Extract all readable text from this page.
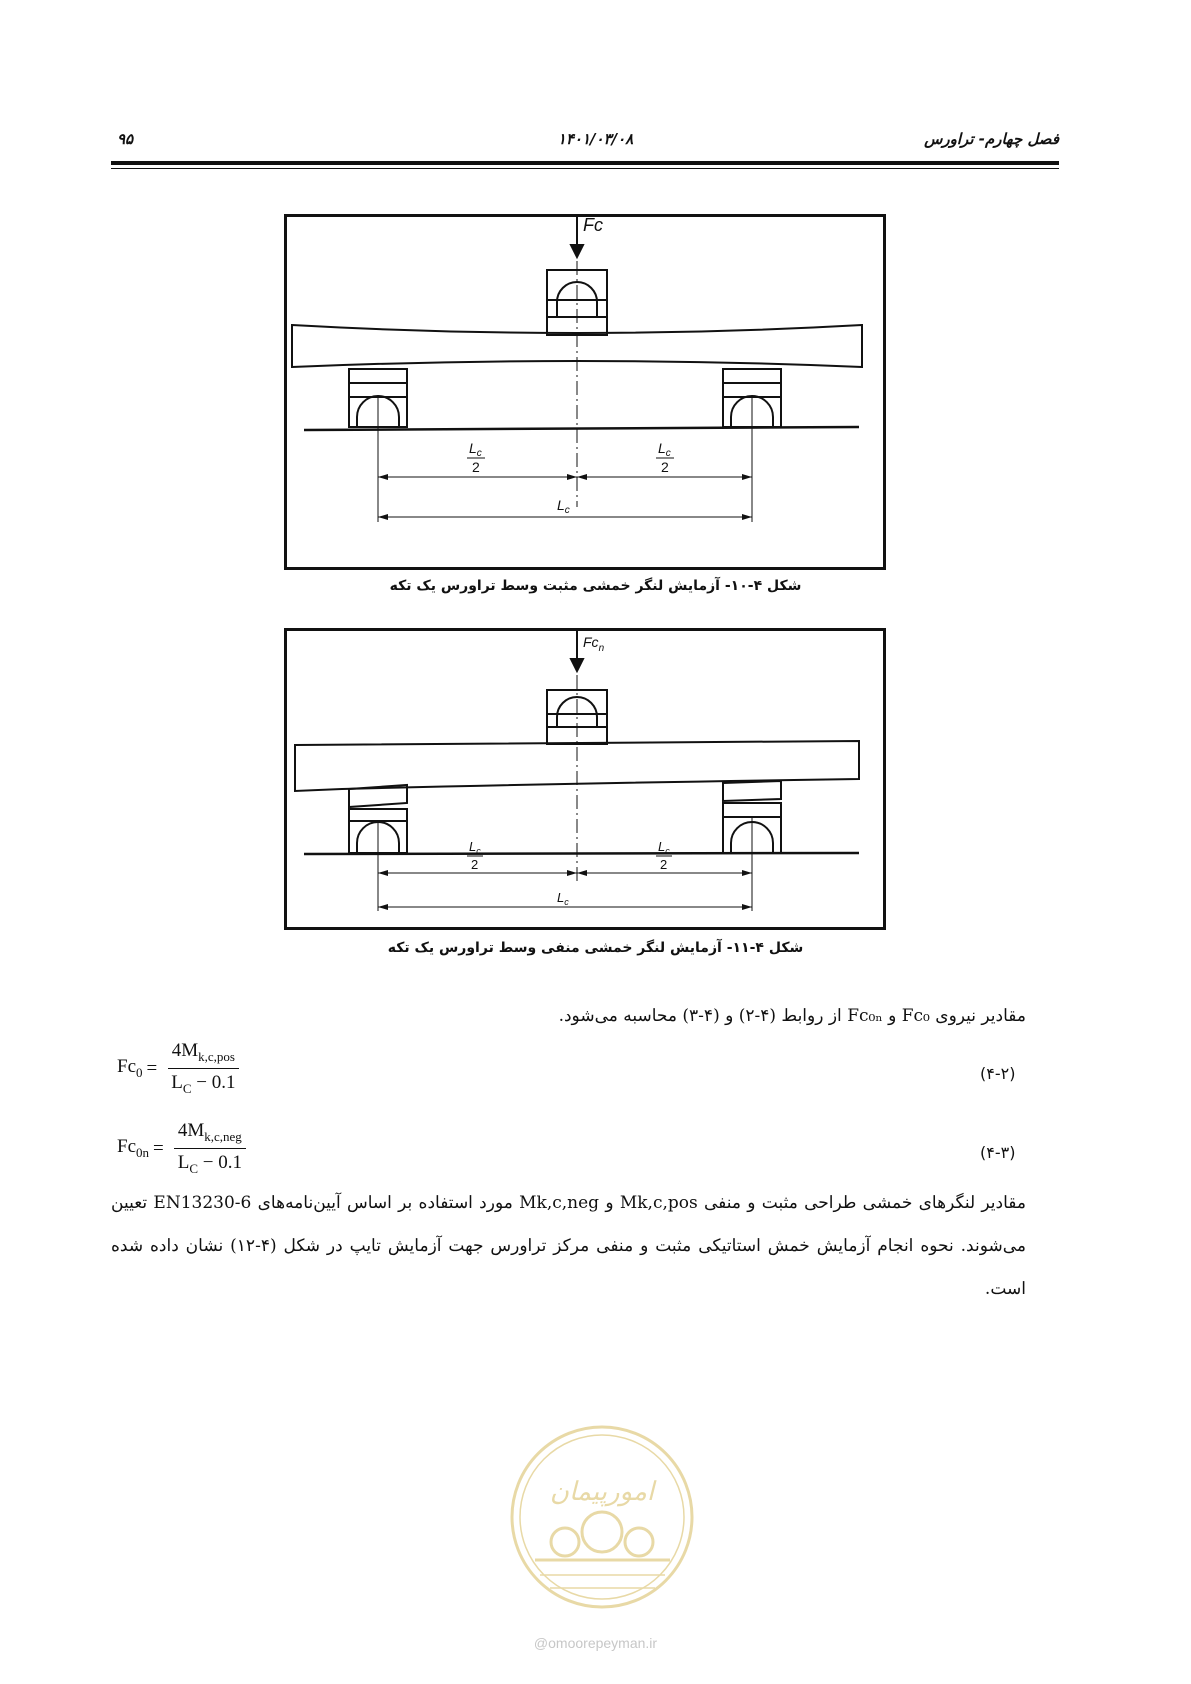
۹۵	۱۴۰۱/۰۳/۰۸	فصل چهارم- تراورس
Fc
$L_c$
2
$L_c$
2
$L_c$
شکل ۴-۱۰- آزمایش لنگر خمشی مثبت وسط تراورس یک تکه
$Fc_n$
$L_c$
2
$L_c$
2
$L_c$
شکل ۴-۱۱- آزمایش لنگر خمشی منفی وسط تراورس یک تکه
مقادیر نیروی Fc₀ و Fc₀ₙ از روابط (۴-۲) و (۴-۳) محاسبه می‌شود.
$Fc_0 = \frac{4M_{k,c,pos}}{L_C - 0.1}$	(۴-۲)
$Fc_{0n} = \frac{4M_{k,c,neg}}{L_C - 0.1}$	(۴-۳)
مقادیر لنگرهای خمشی طراحی مثبت و منفی Mk,c,pos و Mk,c,neg مورد استفاده بر اساس آیین‌نامه‌های EN13230-6 تعیین می‌شوند. نحوه انجام آزمایش خمش استاتیکی مثبت و منفی مرکز تراورس جهت آزمایش تایپ در شکل (۴-۱۲) نشان داده شده است.
امورپیمان
@omoorepeyman.ir
